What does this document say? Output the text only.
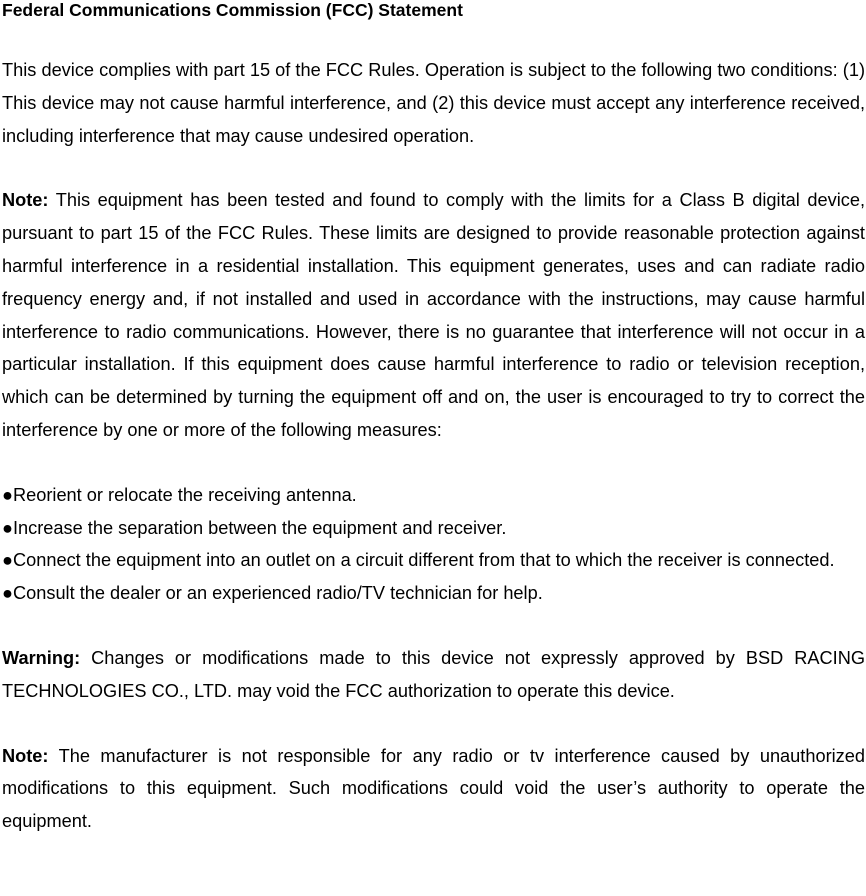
Federal Communications Commission (FCC) Statement

This device complies with part 15 of the FCC Rules. Operation is subject to the following two conditions: (1) This device may not cause harmful interference, and (2) this device must accept any interference received, including interference that may cause undesired operation.

Note: This equipment has been tested and found to comply with the limits for a Class B digital device, pursuant to part 15 of the FCC Rules. These limits are designed to provide reasonable protection against harmful interference in a residential installation. This equipment generates, uses and can radiate radio frequency energy and, if not installed and used in accordance with the instructions, may cause harmful interference to radio communications. However, there is no guarantee that interference will not occur in a particular installation. If this equipment does cause harmful interference to radio or television reception, which can be determined by turning the equipment off and on, the user is encouraged to try to correct the interference by one or more of the following measures:

●Reorient or relocate the receiving antenna.
●Increase the separation between the equipment and receiver.
●Connect the equipment into an outlet on a circuit different from that to which the receiver is connected.
●Consult the dealer or an experienced radio/TV technician for help.

Warning: Changes or modifications made to this device not expressly approved by BSD RACING TECHNOLOGIES CO., LTD. may void the FCC authorization to operate this device.

Note: The manufacturer is not responsible for any radio or tv interference caused by unauthorized modifications to this equipment. Such modifications could void the user’s authority to operate the equipment.
